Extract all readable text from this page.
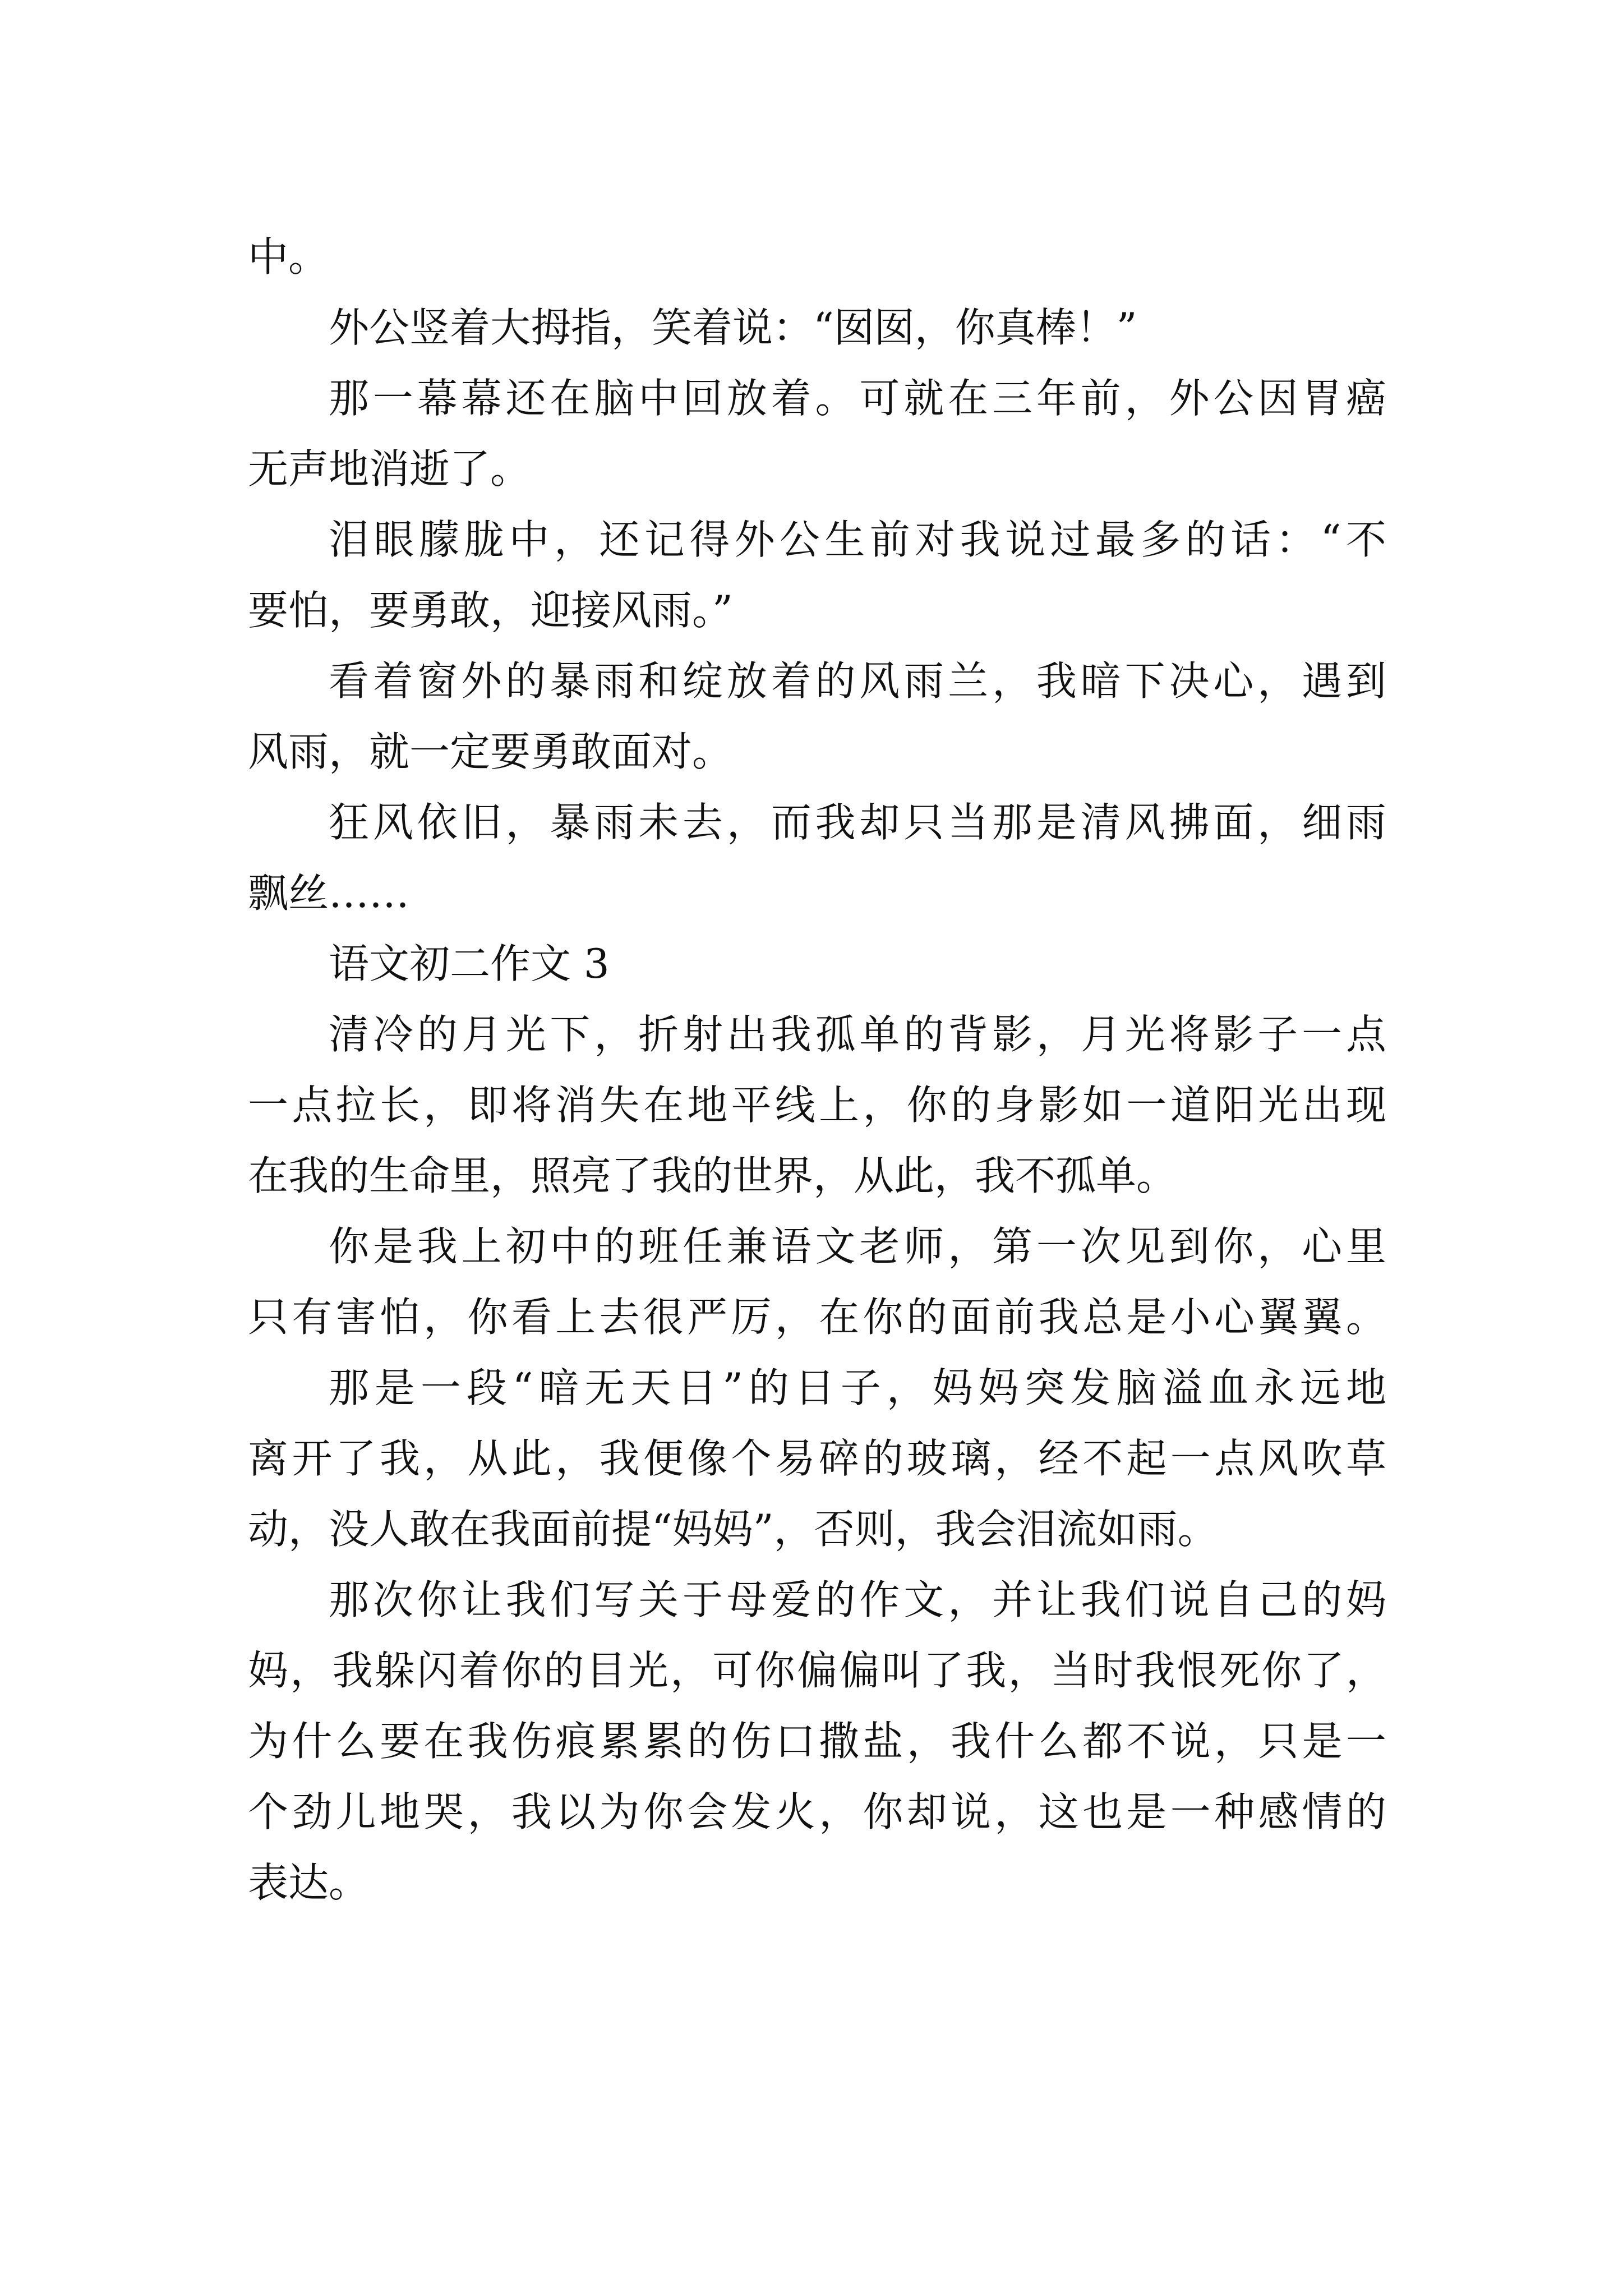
中。
外公竖着大拇指，笑着说：“囡囡，你真棒！”
那一幕幕还在脑中回放着。可就在三年前，外公因胃癌
无声地消逝了。
泪眼朦胧中，还记得外公生前对我说过最多的话：“不
要怕，要勇敢，迎接风雨。”
看着窗外的暴雨和绽放着的风雨兰，我暗下决心，遇到
风雨，就一定要勇敢面对。
狂风依旧，暴雨未去，而我却只当那是清风拂面，细雨
飘丝……
语文初二作文 3
清冷的月光下，折射出我孤单的背影，月光将影子一点
一点拉长，即将消失在地平线上，你的身影如一道阳光出现
在我的生命里，照亮了我的世界，从此，我不孤单。
你是我上初中的班任兼语文老师，第一次见到你，心里
只有害怕，你看上去很严厉，在你的面前我总是小心翼翼。
那是一段“暗无天日”的日子，妈妈突发脑溢血永远地
离开了我，从此，我便像个易碎的玻璃，经不起一点风吹草
动，没人敢在我面前提“妈妈”，否则，我会泪流如雨。
那次你让我们写关于母爱的作文，并让我们说自己的妈
妈，我躲闪着你的目光，可你偏偏叫了我，当时我恨死你了，
为什么要在我伤痕累累的伤口撒盐，我什么都不说，只是一
个劲儿地哭，我以为你会发火，你却说，这也是一种感情的
表达。
